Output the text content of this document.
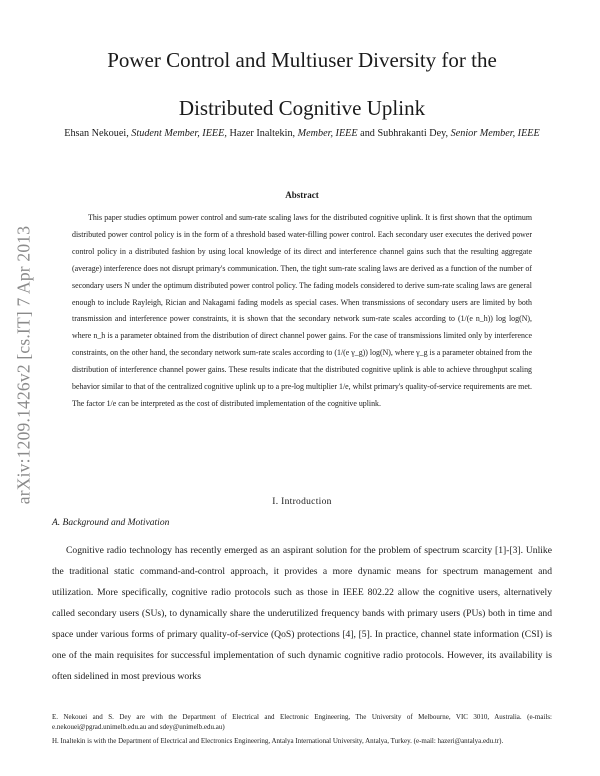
arXiv:1209.1426v2 [cs.IT] 7 Apr 2013
Power Control and Multiuser Diversity for the
Distributed Cognitive Uplink
Ehsan Nekouei, Student Member, IEEE, Hazer Inaltekin, Member, IEEE and Subhrakanti Dey, Senior Member, IEEE
Abstract

This paper studies optimum power control and sum-rate scaling laws for the distributed cognitive uplink. It is first shown that the optimum distributed power control policy is in the form of a threshold based water-filling power control. Each secondary user executes the derived power control policy in a distributed fashion by using local knowledge of its direct and interference channel gains such that the resulting aggregate (average) interference does not disrupt primary's communication. Then, the tight sum-rate scaling laws are derived as a function of the number of secondary users N under the optimum distributed power control policy. The fading models considered to derive sum-rate scaling laws are general enough to include Rayleigh, Rician and Nakagami fading models as special cases. When transmissions of secondary users are limited by both transmission and interference power constraints, it is shown that the secondary network sum-rate scales according to (1/(e n_h)) log log(N), where n_h is a parameter obtained from the distribution of direct channel power gains. For the case of transmissions limited only by interference constraints, on the other hand, the secondary network sum-rate scales according to (1/(e γ_g)) log(N), where γ_g is a parameter obtained from the distribution of interference channel power gains. These results indicate that the distributed cognitive uplink is able to achieve throughput scaling behavior similar to that of the centralized cognitive uplink up to a pre-log multiplier 1/e, whilst primary's quality-of-service requirements are met. The factor 1/e can be interpreted as the cost of distributed implementation of the cognitive uplink.

I. Introduction
A. Background and Motivation

Cognitive radio technology has recently emerged as an aspirant solution for the problem of spectrum scarcity [1]-[3]. Unlike the traditional static command-and-control approach, it provides a more dynamic means for spectrum management and utilization. More specifically, cognitive radio protocols such as those in IEEE 802.22 allow the cognitive users, alternatively called secondary users (SUs), to dynamically share the underutilized frequency bands with primary users (PUs) both in time and space under various forms of primary quality-of-service (QoS) protections [4], [5]. In practice, channel state information (CSI) is one of the main requisites for successful implementation of such dynamic cognitive radio protocols. However, its availability is often sidelined in most previous works

E. Nekouei and S. Dey are with the Department of Electrical and Electronic Engineering, The University of Melbourne, VIC 3010, Australia. (e-mails: e.nekouei@pgrad.unimelb.edu.au and sdey@unimelb.edu.au)

H. Inaltekin is with the Department of Electrical and Electronics Engineering, Antalya International University, Antalya, Turkey. (e-mail: hazeri@antalya.edu.tr).
